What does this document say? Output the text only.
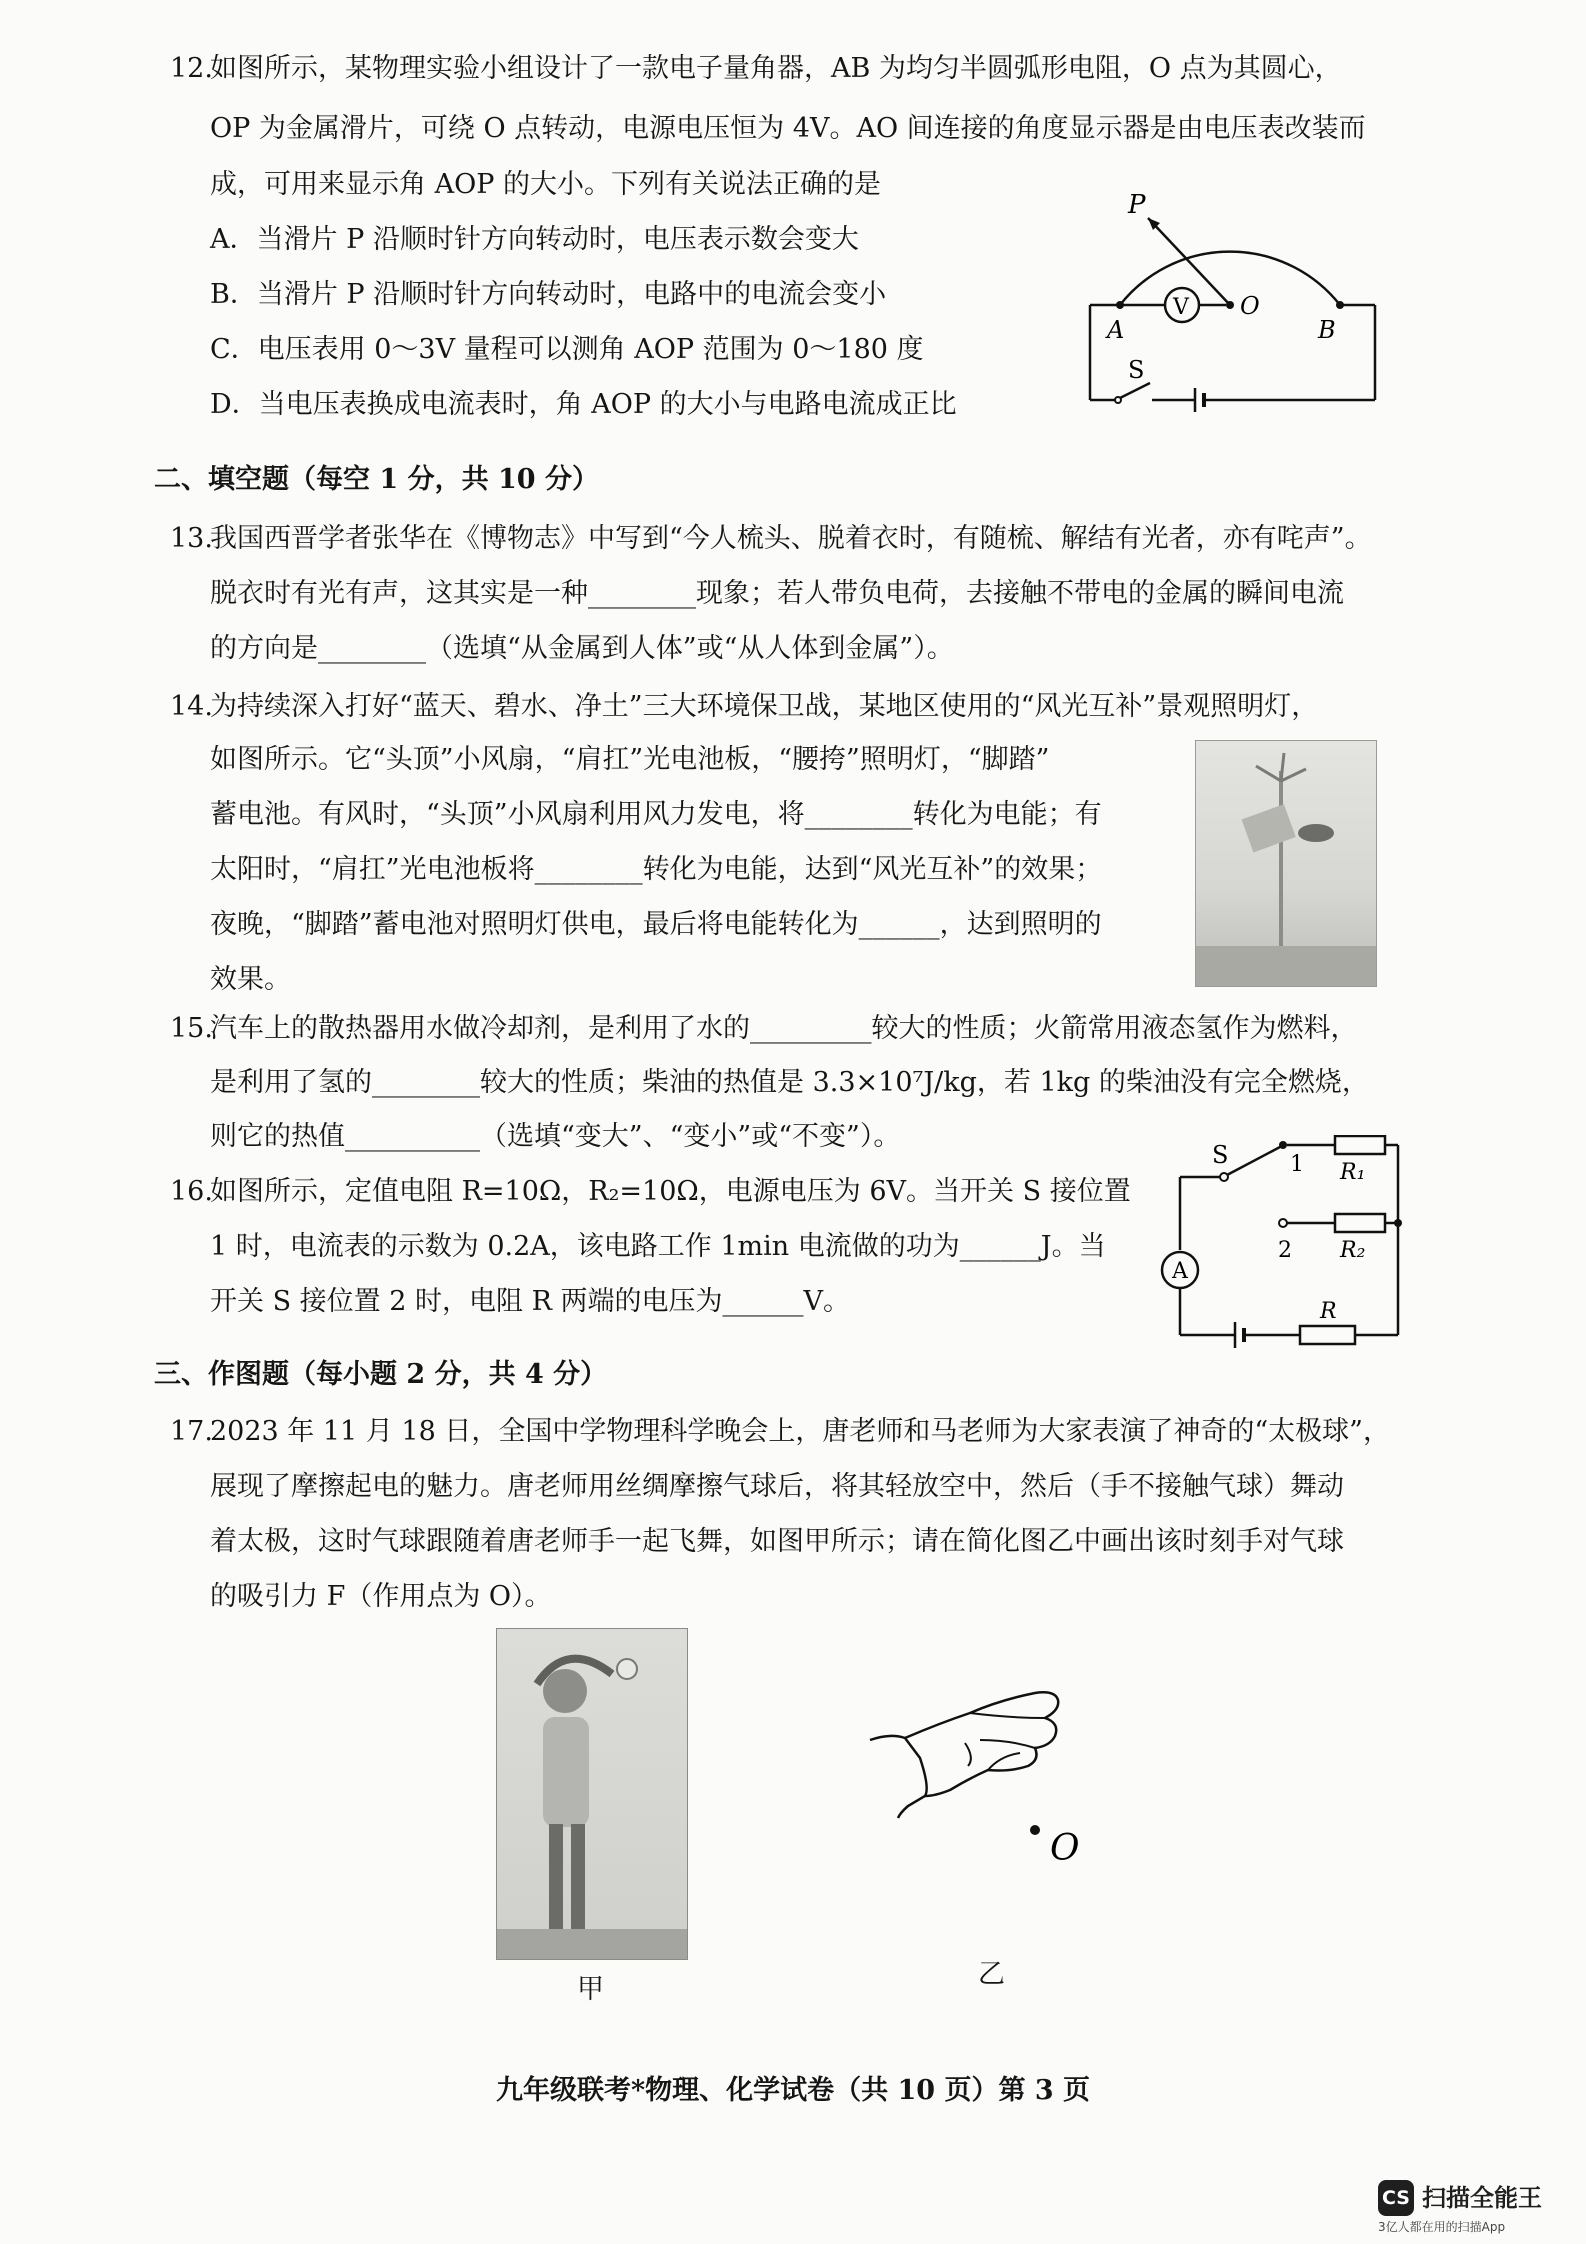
12.
如图所示，某物理实验小组设计了一款电子量角器，AB 为均匀半圆弧形电阻，O 点为其圆心，
OP 为金属滑片，可绕 O 点转动，电源电压恒为 4V。AO 间连接的角度显示器是由电压表改装而
成，可用来显示角 AOP 的大小。下列有关说法正确的是
A．当滑片 P 沿顺时针方向转动时，电压表示数会变大
B．当滑片 P 沿顺时针方向转动时，电路中的电流会变小
C．电压表用 0～3V 量程可以测角 AOP 范围为 0～180 度
D．当电压表换成电流表时，角 AOP 的大小与电路电流成正比
P
V O
A	B
S
二、填空题（每空 1 分，共 10 分）
13.
我国西晋学者张华在《博物志》中写到“今人梳头、脱着衣时，有随梳、解结有光者，亦有咤声”。
脱衣时有光有声，这其实是一种________现象；若人带负电荷，去接触不带电的金属的瞬间电流
的方向是________（选填“从金属到人体”或“从人体到金属”）。
14.
为持续深入打好“蓝天、碧水、净土”三大环境保卫战，某地区使用的“风光互补”景观照明灯，
如图所示。它“头顶”小风扇，“肩扛”光电池板，“腰挎”照明灯，“脚踏”
蓄电池。有风时，“头顶”小风扇利用风力发电，将________转化为电能；有
太阳时，“肩扛”光电池板将________转化为电能，达到“风光互补”的效果；
夜晚，“脚踏”蓄电池对照明灯供电，最后将电能转化为______，达到照明的
效果。
15.
汽车上的散热器用水做冷却剂，是利用了水的_________较大的性质；火箭常用液态氢作为燃料，
是利用了氢的________较大的性质；柴油的热值是 3.3×10⁷J/kg，若 1kg 的柴油没有完全燃烧，
则它的热值__________（选填“变大”、“变小”或“不变”）。
16.
如图所示，定值电阻 R=10Ω，R₂=10Ω，电源电压为 6V。当开关 S 接位置
1 时，电流表的示数为 0.2A，该电路工作 1min 电流做的功为______J。当
开关 S 接位置 2 时，电阻 R 两端的电压为______V。
S	1 R₁
2 R₂
R
A
三、作图题（每小题 2 分，共 4 分）
17.
2023 年 11 月 18 日，全国中学物理科学晚会上，唐老师和马老师为大家表演了神奇的“太极球”，
展现了摩擦起电的魅力。唐老师用丝绸摩擦气球后，将其轻放空中，然后（手不接触气球）舞动
着太极，这时气球跟随着唐老师手一起飞舞，如图甲所示；请在简化图乙中画出该时刻手对气球
的吸引力 F（作用点为 O）。
甲
O
乙
九年级联考*物理、化学试卷（共 10 页）第 3 页
CS 扫描全能王
3亿人都在用的扫描App
